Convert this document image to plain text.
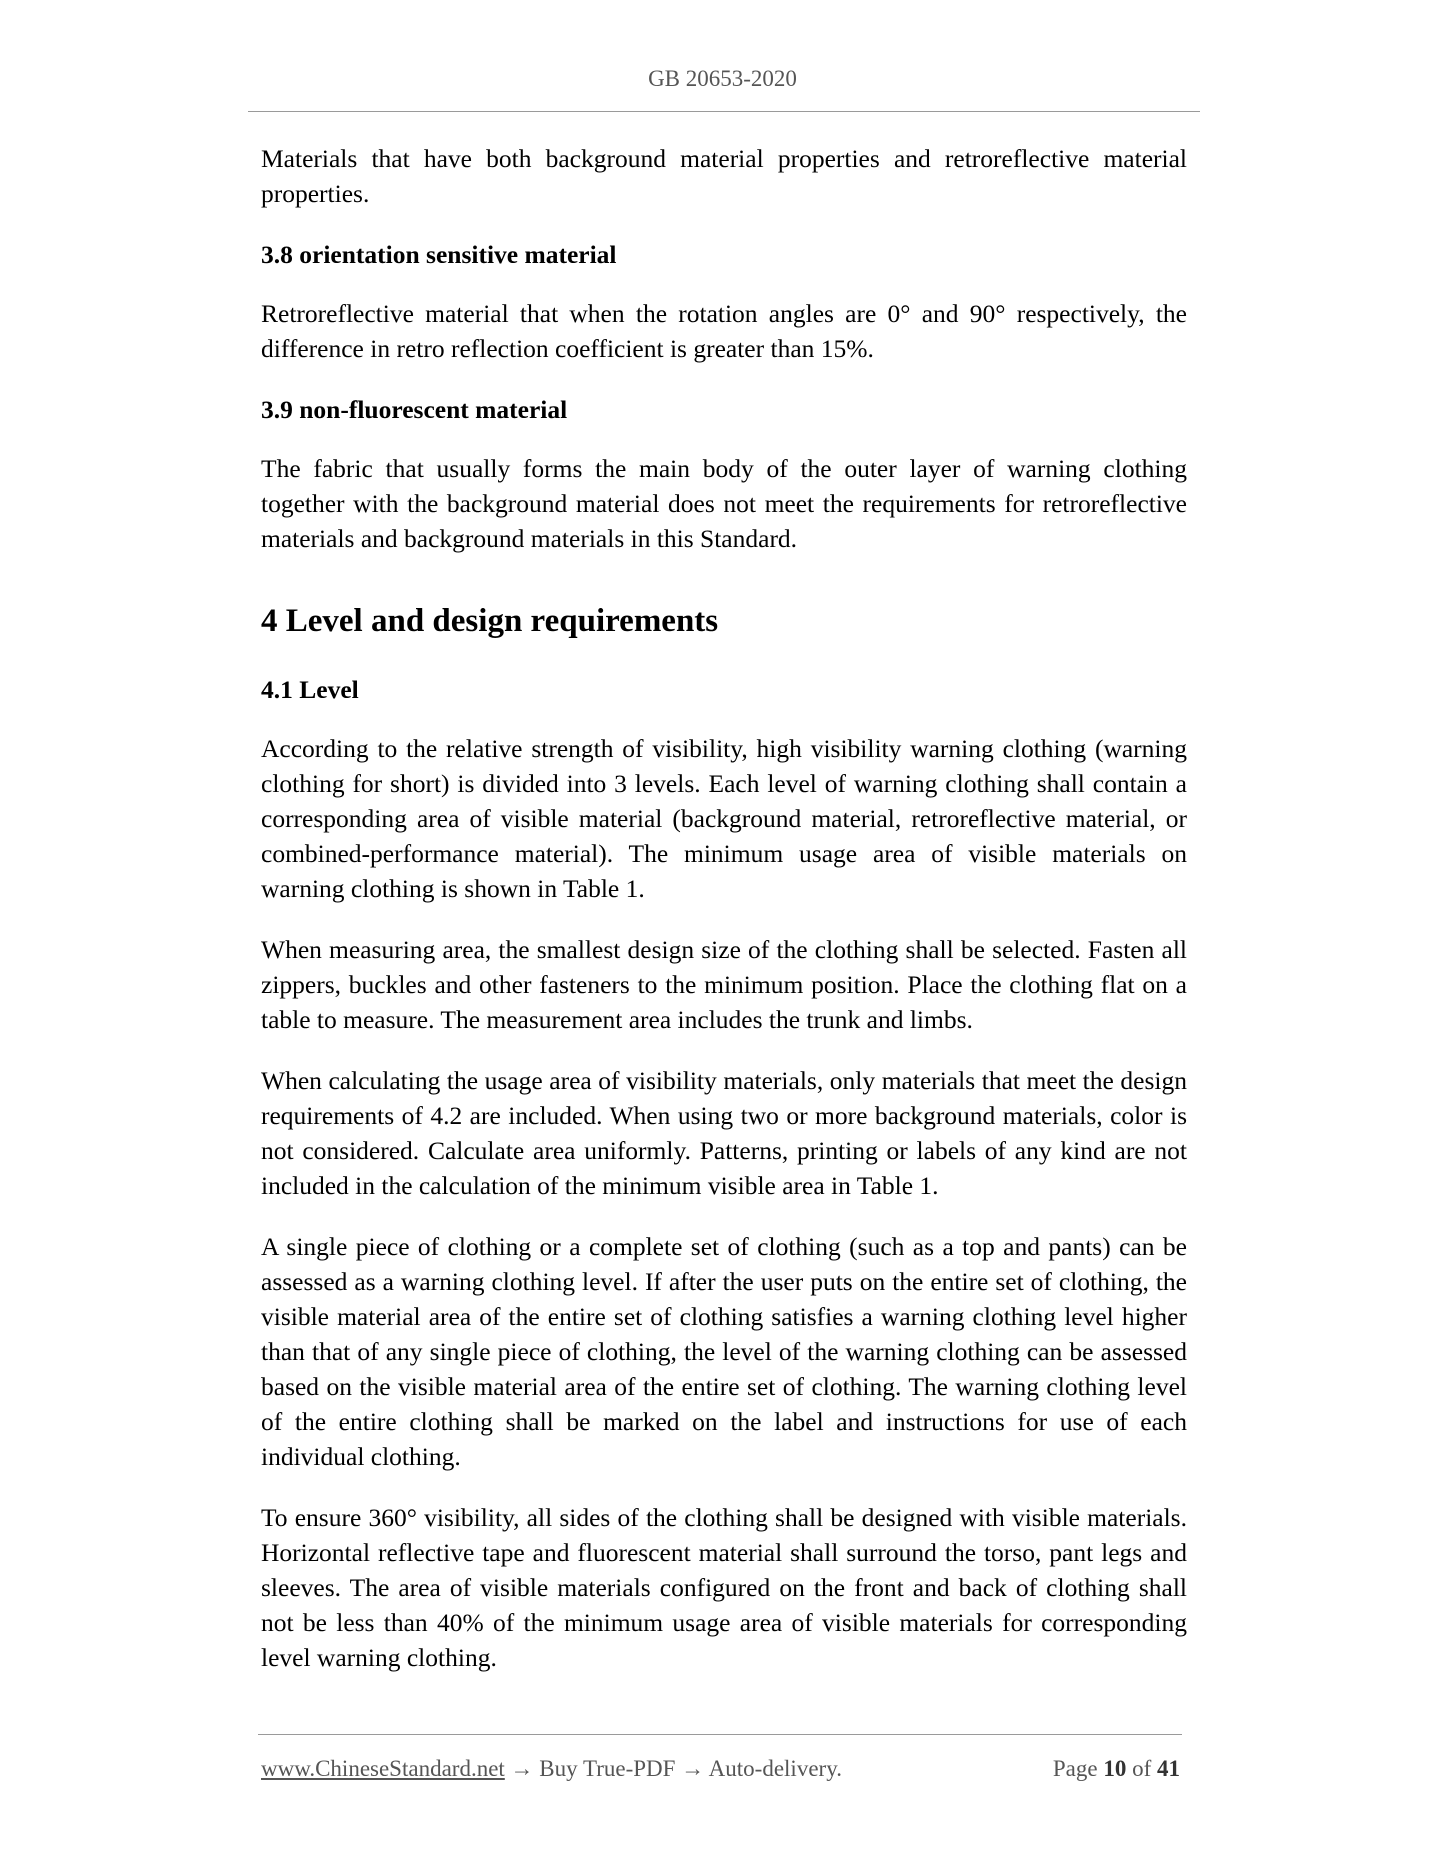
GB 20653-2020

Materials that have both background material properties and retroreflective material properties.

3.8 orientation sensitive material

Retroreflective material that when the rotation angles are 0° and 90° respectively, the difference in retro reflection coefficient is greater than 15%.

3.9 non-fluorescent material

The fabric that usually forms the main body of the outer layer of warning clothing together with the background material does not meet the requirements for retroreflective materials and background materials in this Standard.

4 Level and design requirements

4.1 Level

According to the relative strength of visibility, high visibility warning clothing (warning clothing for short) is divided into 3 levels. Each level of warning clothing shall contain a corresponding area of visible material (background material, retroreflective material, or combined-performance material). The minimum usage area of visible materials on warning clothing is shown in Table 1.

When measuring area, the smallest design size of the clothing shall be selected. Fasten all zippers, buckles and other fasteners to the minimum position. Place the clothing flat on a table to measure. The measurement area includes the trunk and limbs.

When calculating the usage area of visibility materials, only materials that meet the design requirements of 4.2 are included. When using two or more background materials, color is not considered. Calculate area uniformly. Patterns, printing or labels of any kind are not included in the calculation of the minimum visible area in Table 1.

A single piece of clothing or a complete set of clothing (such as a top and pants) can be assessed as a warning clothing level. If after the user puts on the entire set of clothing, the visible material area of the entire set of clothing satisfies a warning clothing level higher than that of any single piece of clothing, the level of the warning clothing can be assessed based on the visible material area of the entire set of clothing. The warning clothing level of the entire clothing shall be marked on the label and instructions for use of each individual clothing.

To ensure 360° visibility, all sides of the clothing shall be designed with visible materials. Horizontal reflective tape and fluorescent material shall surround the torso, pant legs and sleeves. The area of visible materials configured on the front and back of clothing shall not be less than 40% of the minimum usage area of visible materials for corresponding level warning clothing.

www.ChineseStandard.net → Buy True-PDF → Auto-delivery.	Page 10 of 41
